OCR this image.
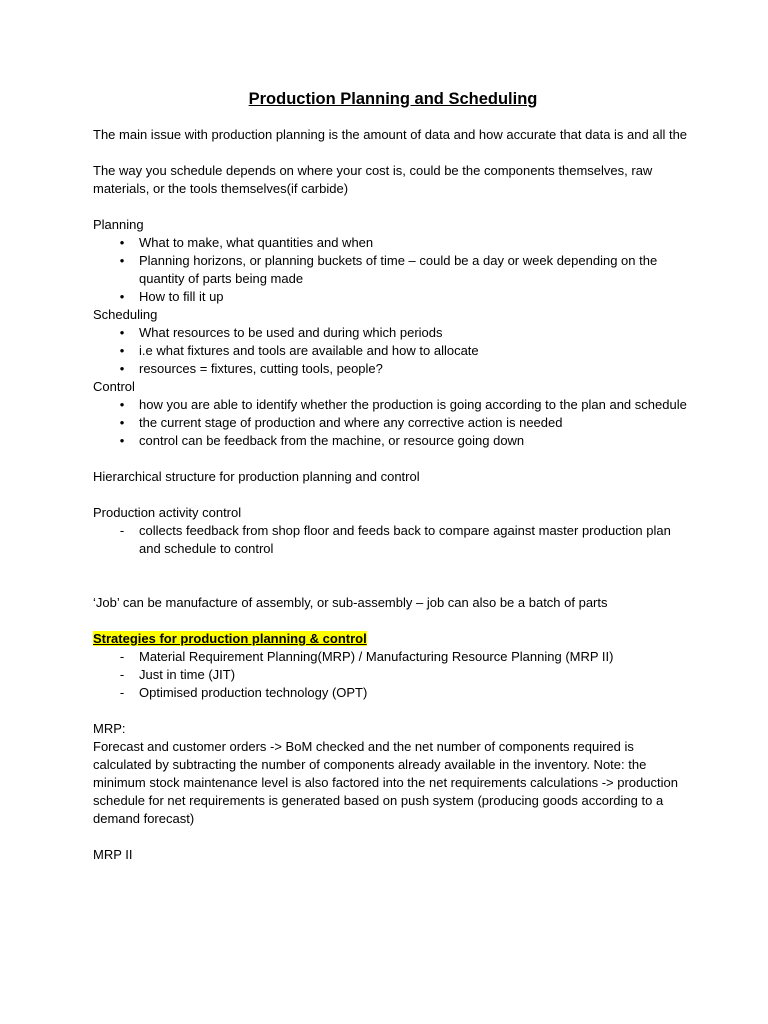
Production Planning and Scheduling

The main issue with production planning is the amount of data and how accurate that data is and all the

The way you schedule depends on where your cost is, could be the components themselves, raw materials, or the tools themselves(if carbide)

Planning

•	What to make, what quantities and when
•	Planning horizons, or planning buckets of time – could be a day or week depending on the quantity of parts being made
•	How to fill it up

Scheduling

•	What resources to be used and during which periods
•	i.e what fixtures and tools are available and how to allocate
•	resources = fixtures, cutting tools, people?

Control

•	how you are able to identify whether the production is going according to the plan and schedule
•	the current stage of production and where any corrective action is needed
•	control can be feedback from the machine, or resource going down

Hierarchical structure for production planning and control

Production activity control

-	collects feedback from shop floor and feeds back to compare against master production plan and schedule to control

‘Job’ can be manufacture of assembly, or sub-assembly – job can also be a batch of parts

Strategies for production planning & control

-	Material Requirement Planning(MRP) / Manufacturing Resource Planning (MRP II)
-	Just in time (JIT)
-	Optimised production technology (OPT)

MRP:

Forecast and customer orders -> BoM checked and the net number of components required is calculated by subtracting the number of components already available in the inventory. Note: the minimum stock maintenance level is also factored into the net requirements calculations -> production schedule for net requirements is generated based on push system (producing goods according to a demand forecast)

MRP II
